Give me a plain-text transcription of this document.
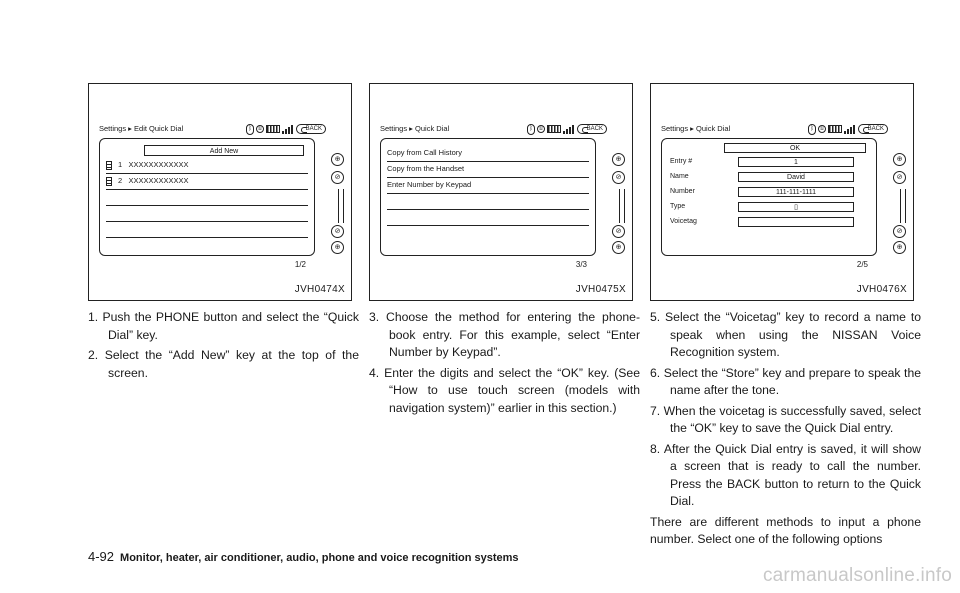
Settings ▸ Edit Quick Dial	ᛒ	①	BACK
Add New
1 XXXXXXXXXXXX
2 XXXXXXXXXXXX
⊕
⊘
⊘
⊕
1/2
JVH0474X
Settings ▸ Quick Dial	ᛒ	①	BACK
Copy from Call History
Copy from the Handset
Enter Number by Keypad
⊕
⊘
⊘
⊕
3/3
JVH0475X
Settings ▸ Quick Dial	ᛒ	①	BACK
OK
Entry #	1
Name	David
Number	111-111-1111
Type	▯
Voicetag
⊕
⊘
⊘
⊕
2/5
JVH0476X

1. Push the PHONE button and select the “Quick Dial” key.

2. Select the “Add New” key at the top of the screen.

3. Choose the method for entering the phone- book entry. For this example, select “Enter Number by Keypad”.

4. Enter the digits and select the “OK” key. (See “How to use touch screen (models with navigation system)” earlier in this section.)

5. Select the “Voicetag” key to record a name to speak when using the NISSAN Voice Recognition system.

6. Select the “Store” key and prepare to speak the name after the tone.

7. When the voicetag is successfully saved, select the “OK” key to save the Quick Dial entry.

8. After the Quick Dial entry is saved, it will show a screen that is ready to call the number. Press the BACK button to return to the Quick Dial.

There are different methods to input a phone number. Select one of the following options

4-92 Monitor, heater, air conditioner, audio, phone and voice recognition systems
carmanualsonline.info
